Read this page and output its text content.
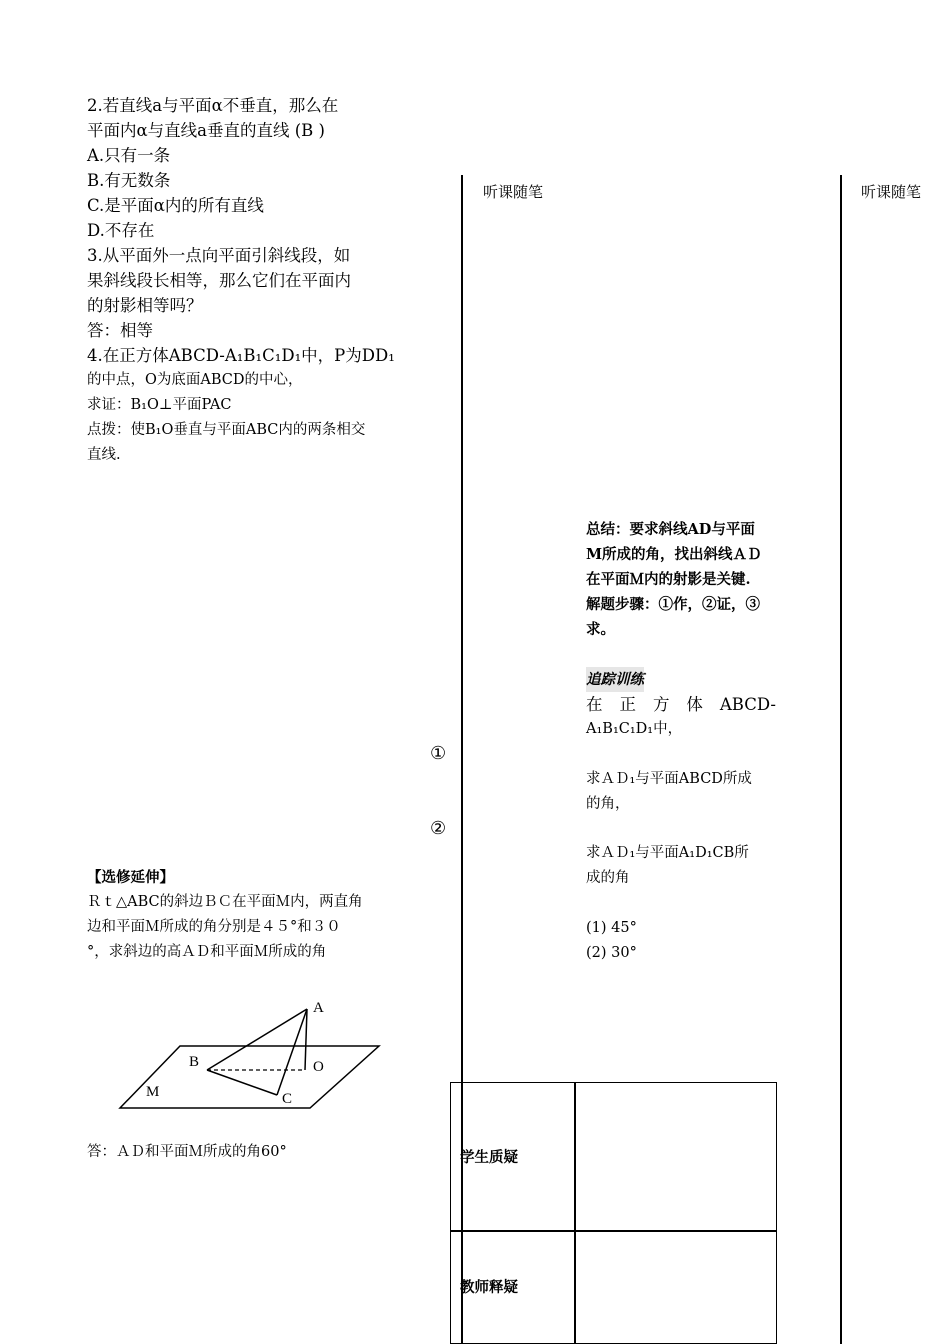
2.若直线a与平面α不垂直，那么在
平面内α与直线a垂直的直线 (B )
A.只有一条
B.有无数条
C.是平面α内的所有直线
D.不存在
3.从平面外一点向平面引斜线段，如
果斜线段长相等，那么它们在平面内
的射影相等吗？
答：相等
4.在正方体ABCD-A₁B₁C₁D₁中，P为DD₁
的中点，O为底面ABCD的中心，
求证：B₁O⊥平面PAC
点拨：使B₁O垂直与平面ABC内的两条相交
直线.
【选修延伸】
Ｒｔ△ABC的斜边ＢＣ在平面Ｍ内，两直角
边和平面Ｍ所成的角分别是４５°和３０
°，求斜边的高ＡＤ和平面Ｍ所成的角
答：ＡＤ和平面Ｍ所成的角60°
A
B	O
M	C
听课随笔	听课随笔
①
②
总结：要求斜线AD与平面
M所成的角，找出斜线ＡＤ
在平面Ｍ内的射影是关键.
解题步骤：①作，②证，③
求。
追踪训练
在 正 方 体 ABCD-
A₁B₁C₁D₁中，
求ＡＤ₁与平面ABCD所成
的角，
求ＡＤ₁与平面A₁D₁CB所
成的角
(1) 45°
(2) 30°
学生质疑
教师释疑
